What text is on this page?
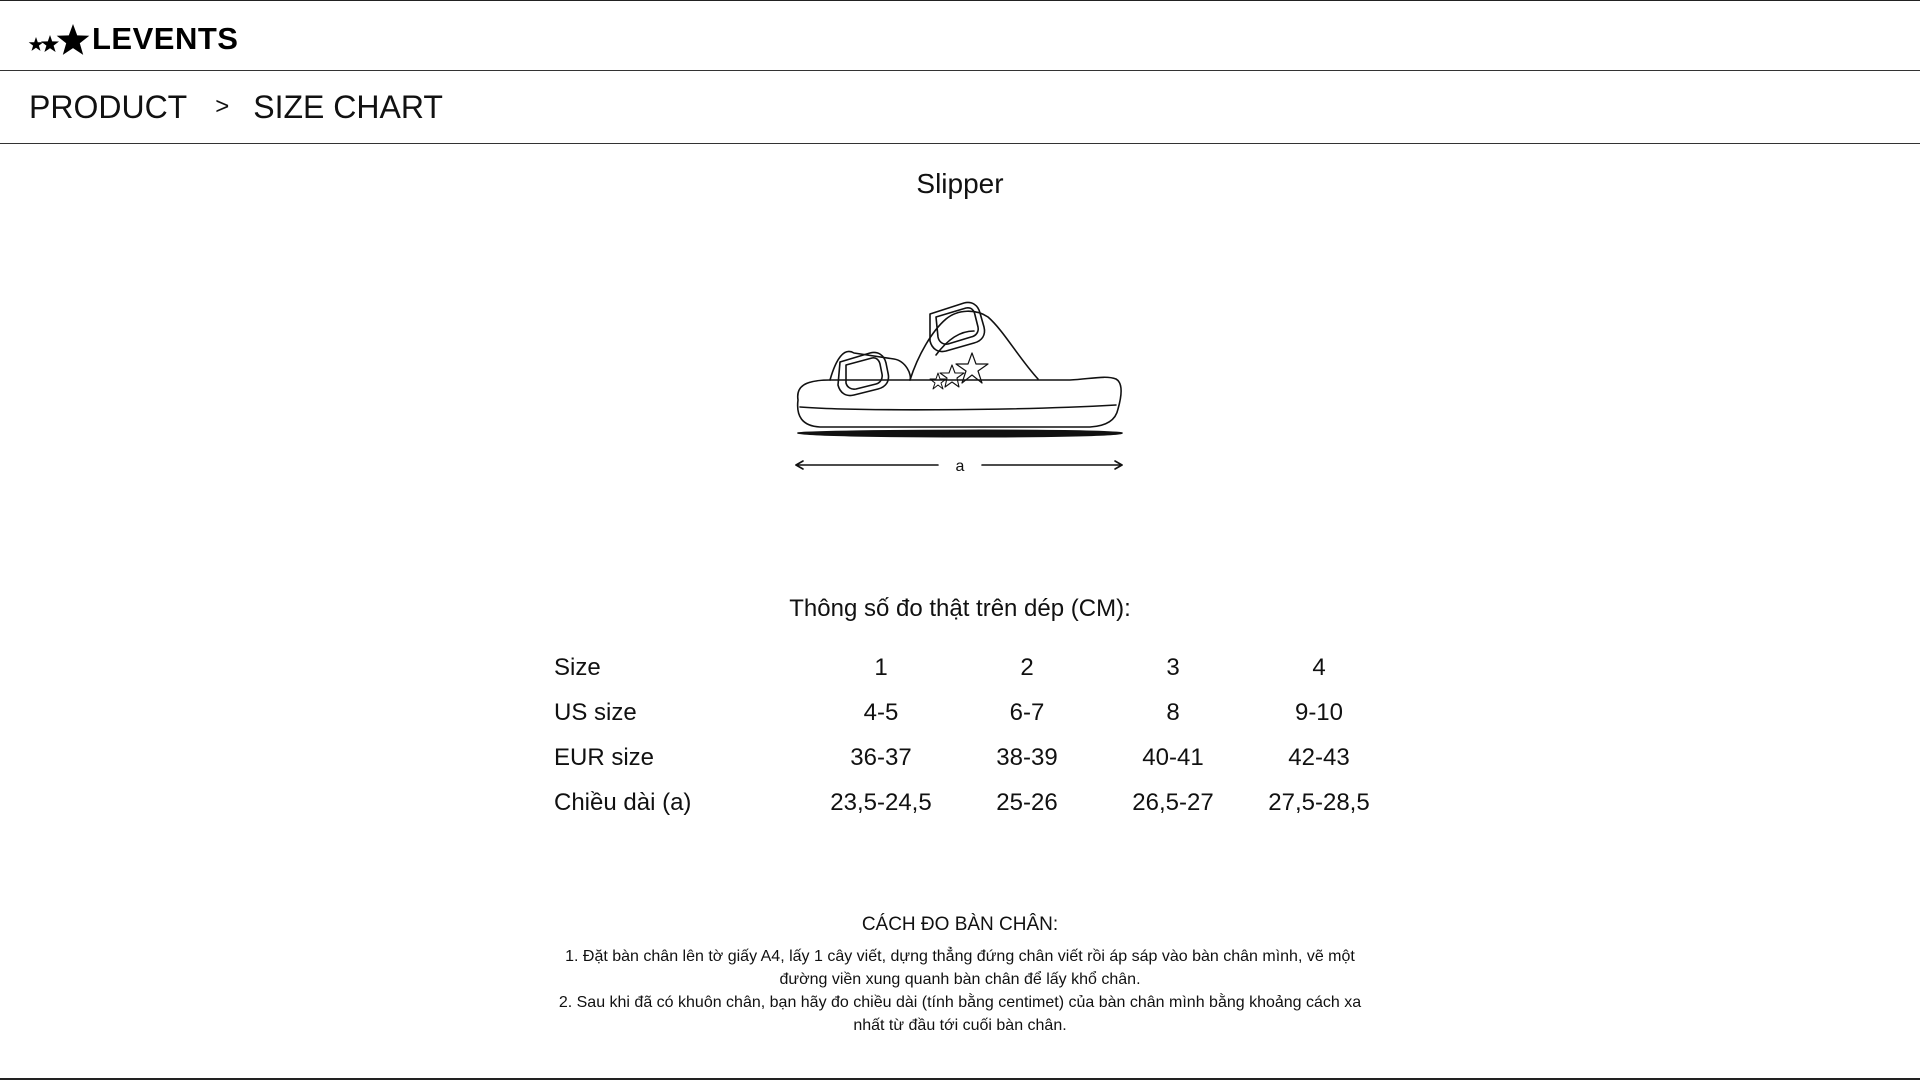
LEVENTS
PRODUCT > SIZE CHART
Slipper
a
Thông số đo thật trên dép (CM):
Size	1	2	3	4
US size	4-5	6-7	8	9-10
EUR size	36-37	38-39	40-41	42-43
Chiều dài (a)	23,5-24,5	25-26	26,5-27	27,5-28,5
CÁCH ĐO BÀN CHÂN:
1. Đặt bàn chân lên tờ giấy A4, lấy 1 cây viết, dựng thẳng đứng chân viết rồi áp sáp vào bàn chân mình, vẽ một đường viền xung quanh bàn chân để lấy khổ chân.
2. Sau khi đã có khuôn chân, bạn hãy đo chiều dài (tính bằng centimet) của bàn chân mình bằng khoảng cách xa nhất từ đầu tới cuối bàn chân.
